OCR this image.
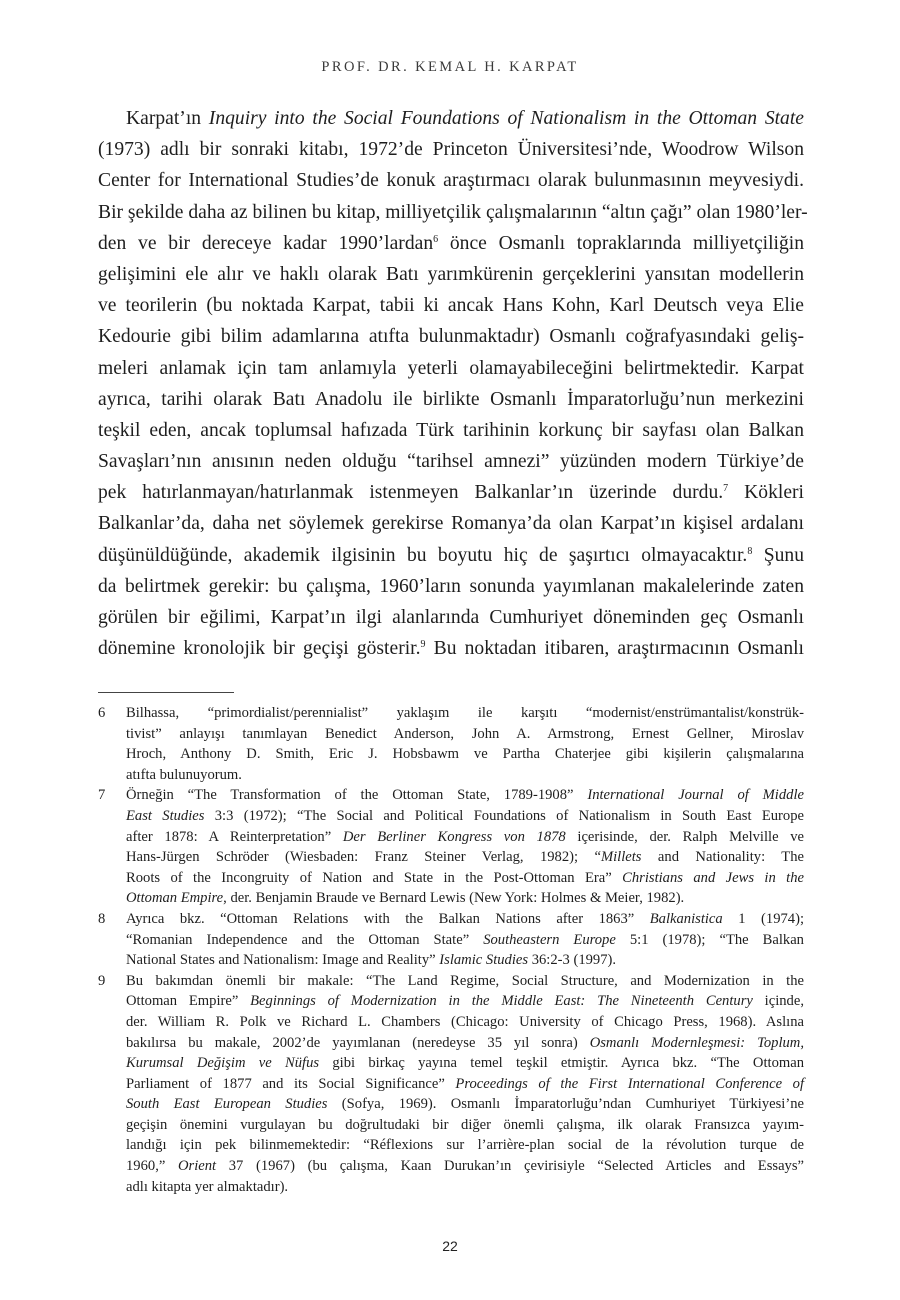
PROF. DR. KEMAL H. KARPAT
Karpat’ın Inquiry into the Social Foundations of Nationalism in the Ottoman State
(1973) adlı bir sonraki kitabı, 1972’de Princeton Üniversitesi’nde, Woodrow Wilson
Center for International Studies’de konuk araştırmacı olarak bulunmasının meyvesiydi.
Bir şekilde daha az bilinen bu kitap, milliyetçilik çalışmalarının “altın çağı” olan 1980’ler-
den ve bir dereceye kadar 1990’lardan$^6$ önce Osmanlı topraklarında milliyetçiliğin
gelişimini ele alır ve haklı olarak Batı yarımkürenin gerçeklerini yansıtan modellerin
ve teorilerin (bu noktada Karpat, tabii ki ancak Hans Kohn, Karl Deutsch veya Elie
Kedourie gibi bilim adamlarına atıfta bulunmaktadır) Osmanlı coğrafyasındaki geliş-
meleri anlamak için tam anlamıyla yeterli olamayabileceğini belirtmektedir. Karpat
ayrıca, tarihi olarak Batı Anadolu ile birlikte Osmanlı İmparatorluğu’nun merkezini
teşkil eden, ancak toplumsal hafızada Türk tarihinin korkunç bir sayfası olan Balkan
Savaşları’nın anısının neden olduğu “tarihsel amnezi” yüzünden modern Türkiye’de
pek hatırlanmayan/hatırlanmak istenmeyen Balkanlar’ın üzerinde durdu.$^7$ Kökleri
Balkanlar’da, daha net söylemek gerekirse Romanya’da olan Karpat’ın kişisel ardalanı
düşünüldüğünde, akademik ilgisinin bu boyutu hiç de şaşırtıcı olmayacaktır.$^8$ Şunu
da belirtmek gerekir: bu çalışma, 1960’ların sonunda yayımlanan makalelerinde zaten
görülen bir eğilimi, Karpat’ın ilgi alanlarında Cumhuriyet döneminden geç Osmanlı
dönemine kronolojik bir geçişi gösterir.$^9$ Bu noktadan itibaren, araştırmacının Osmanlı
6 Bilhassa, “primordialist/perennialist” yaklaşım ile karşıtı “modernist/enstrümantalist/konstrük-
tivist” anlayışı tanımlayan Benedict Anderson, John A. Armstrong, Ernest Gellner, Miroslav
Hroch, Anthony D. Smith, Eric J. Hobsbawm ve Partha Chaterjee gibi kişilerin çalışmalarına
atıfta bulunuyorum.
7 Örneğin “The Transformation of the Ottoman State, 1789-1908” International Journal of Middle
East Studies 3:3 (1972); “The Social and Political Foundations of Nationalism in South East Europe
after 1878: A Reinterpretation” Der Berliner Kongress von 1878 içerisinde, der. Ralph Melville ve
Hans-Jürgen Schröder (Wiesbaden: Franz Steiner Verlag, 1982); “Millets and Nationality: The
Roots of the Incongruity of Nation and State in the Post-Ottoman Era” Christians and Jews in the
Ottoman Empire, der. Benjamin Braude ve Bernard Lewis (New York: Holmes & Meier, 1982).
8 Ayrıca bkz. “Ottoman Relations with the Balkan Nations after 1863” Balkanistica 1 (1974);
“Romanian Independence and the Ottoman State” Southeastern Europe 5:1 (1978); “The Balkan
National States and Nationalism: Image and Reality” Islamic Studies 36:2-3 (1997).
9 Bu bakımdan önemli bir makale: “The Land Regime, Social Structure, and Modernization in the
Ottoman Empire” Beginnings of Modernization in the Middle East: The Nineteenth Century içinde,
der. William R. Polk ve Richard L. Chambers (Chicago: University of Chicago Press, 1968). Aslına
bakılırsa bu makale, 2002’de yayımlanan (neredeyse 35 yıl sonra) Osmanlı Modernleşmesi: Toplum,
Kurumsal Değişim ve Nüfus gibi birkaç yayına temel teşkil etmiştir. Ayrıca bkz. “The Ottoman
Parliament of 1877 and its Social Significance” Proceedings of the First International Conference of
South East European Studies (Sofya, 1969). Osmanlı İmparatorluğu’ndan Cumhuriyet Türkiyesi’ne
geçişin önemini vurgulayan bu doğrultudaki bir diğer önemli çalışma, ilk olarak Fransızca yayım-
landığı için pek bilinmemektedir: “Réflexions sur l’arrière-plan social de la révolution turque de
1960,” Orient 37 (1967) (bu çalışma, Kaan Durukan’ın çevirisiyle “Selected Articles and Essays”
adlı kitapta yer almaktadır).
22
